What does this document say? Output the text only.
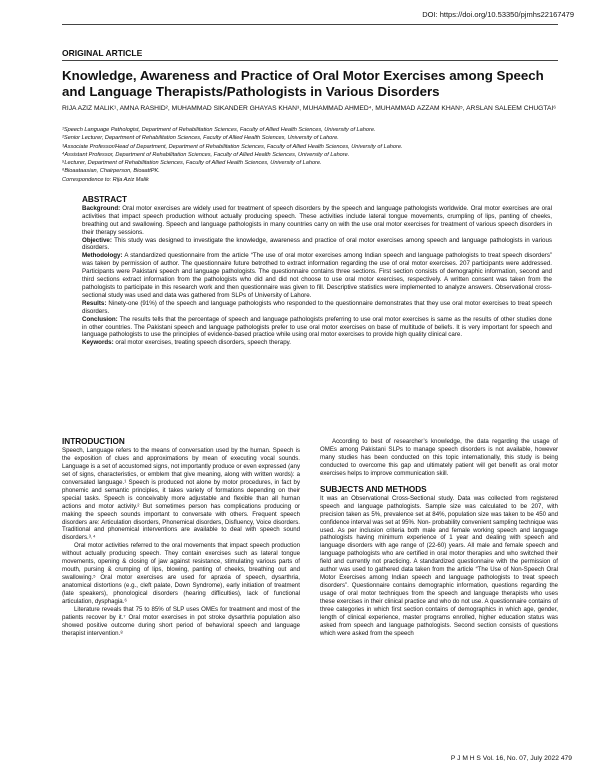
DOI: https://doi.org/10.53350/pjmhs22167479
ORIGINAL ARTICLE
Knowledge, Awareness and Practice of Oral Motor Exercises among Speech and Language Therapists/Pathologists in Various Disorders
RIJA AZIZ MALIK¹, AMNA RASHID², MUHAMMAD SIKANDER GHAYAS KHAN³, MUHAMMAD AHMED⁴, MUHAMMAD AZZAM KHAN⁵, ARSLAN SALEEM CHUGTAI⁶
¹Speech Language Pathologist, Department of Rehabilitation Sciences, Faculty of Allied Health Sciences, University of Lahore.
²Senior Lecturer, Department of Rehabilitation Sciences, Faculty of Allied Health Sciences, University of Lahore.
³Associate Professor/Head of Department, Department of Rehabilitation Sciences, Faculty of Allied Health Sciences, University of Lahore.
⁴Assistant Professor, Department of Rehabilitation Sciences, Faculty of Allied Health Sciences, University of Lahore.
⁵Lecturer, Department of Rehabilitation Sciences, Faculty of Allied Health Sciences, University of Lahore.
⁶Bioaataasian, Chairperson, BioaattPK.
Correspondence to: Rija Aziz Malik
ABSTRACT

Background: Oral motor exercises are widely used for treatment of speech disorders by the speech and language pathologists worldwide. Oral motor exercises are oral activities that impact speech production without actually producing speech. These activities include lateral tongue movements, crumpling of lips, panting of cheeks, breathing out and swallowing. Speech and language pathologists in many countries carry on with the use oral motor exercises for treatment of various speech disorders in their therapy sessions.

Objective: This study was designed to investigate the knowledge, awareness and practice of oral motor exercises among speech and language pathologists in various disorders.

Methodology: A standardized questionnaire from the article “The use of oral motor exercises among Indian speech and language pathologists to treat speech disorders” was taken by permission of author. The questionnaire future betrothed to extract information regarding the use of oral motor exercises. 207 participants were addressed. Participants were Pakistani speech and language pathologists. The questionnaire contains three sections. First section consists of demographic information, second and third sections extract information from the pathologists who did and did not choose to use oral motor exercises, respectively. A written consent was taken from the pathologists to participate in this research work and then questionnaire was given to fill. Descriptive statistics were implemented to analyze answers. Observational cross-sectional study was used and data was gathered from SLPs of University of Lahore.

Results: Ninety-one (91%) of the speech and language pathologists who responded to the questionnaire demonstrates that they use oral motor exercises to treat speech disorders.

Conclusion: The results tells that the percentage of speech and language pathologists preferring to use oral motor exercises is same as the results of other studies done in other countries. The Pakistani speech and language pathologists prefer to use oral motor exercises on base of multitude of beliefs. It is very important for speech and language pathologists to use the principles of evidence-based practice while using oral motor exercises to provide high quality clinical care.

Keywords: oral motor exercises, treating speech disorders, speech therapy.

INTRODUCTION

Speech, Language refers to the means of conversation used by the human. Speech is the exposition of clues and approximations by mean of executing vocal sounds. Language is a set of accustomed signs, not importantly produce or even expressed (any set of signs, characteristics, or emblem that give meaning, along with written words): a conversated language.¹ Speech is produced not alone by motor procedures, in fact by phonemic and semantic principles, it takes variety of formations depending on their special tasks. Speech is conceivably more adjustable and flexible than all human actions and motor activity.² But sometimes person has complications producing or making the speech sounds important to conversate with others. Frequent speech disorders are: Articulation disorders, Phonemical disorders, Disfluency, Voice disorders. Traditional and phonemical interventions are available to deal with speech sound disorders.³˒⁴

Oral motor activities referred to the oral movements that impact speech production without actually producing speech. They contain exercises such as lateral tongue movements, opening & closing of jaw against resistance, stimulating various parts of mouth, pursing & crumping of lips, blowing, panting of cheeks, breathing out and swallowing.⁵ Oral motor exercises are used for apraxia of speech, dysarthria, anatomical distortions (e.g., cleft palate, Down Syndrome), early initiation of treatment (late speakers), phonological disorders (hearing difficulties), lack of functional articulation, dysphagia.⁶

Literature reveals that 75 to 85% of SLP uses OMEs for treatment and most of the patients recover by it.⁷ Oral motor exercises in pot stroke dysarthria population also showed positive outcome during short period of behavioral speech and language therapist intervention.⁸

According to best of researcher’s knowledge, the data regarding the usage of OMEs among Pakistani SLPs to manage speech disorders is not available, however many studies has been conducted on this topic internationally, this study is being conducted to overcome this gap and ultimately patient will get benefit as oral motor exercises helps to improve communication skill.

SUBJECTS AND METHODS

It was an Observational Cross-Sectional study. Data was collected from registered speech and language pathologists. Sample size was calculated to be 207, with precision taken as 5%, prevalence set at 84%, population size was taken to be 450 and confidence interval was set at 95%. Non- probability convenient sampling technique was used. As per inclusion criteria both male and female working speech and language pathologists having minimum experience of 1 year and dealing with speech and language disorders with age range of (22-60) years. All male and female speech and language pathologists who are certified in oral motor therapies and who switched their field and currently not practicing. A standardized questionnaire with the permission of author was used to gathered data taken from the article “The Use of Non-Speech Oral Motor Exercises among Indian speech and language pathologists to treat speech disorders”. Questionnaire contains demographic information, questions regarding the usage of oral motor techniques from the speech and language therapists who uses these exercises in their clinical practice and who do not use. A questionnaire contains of three categories in which first section contains of demographics in which age, gender, length of clinical experience, master programs enrolled, higher education status was asked from speech and language pathologists. Second section consists of questions which were asked from the speech

P J M H S Vol. 16, No. 07, July 2022 479
